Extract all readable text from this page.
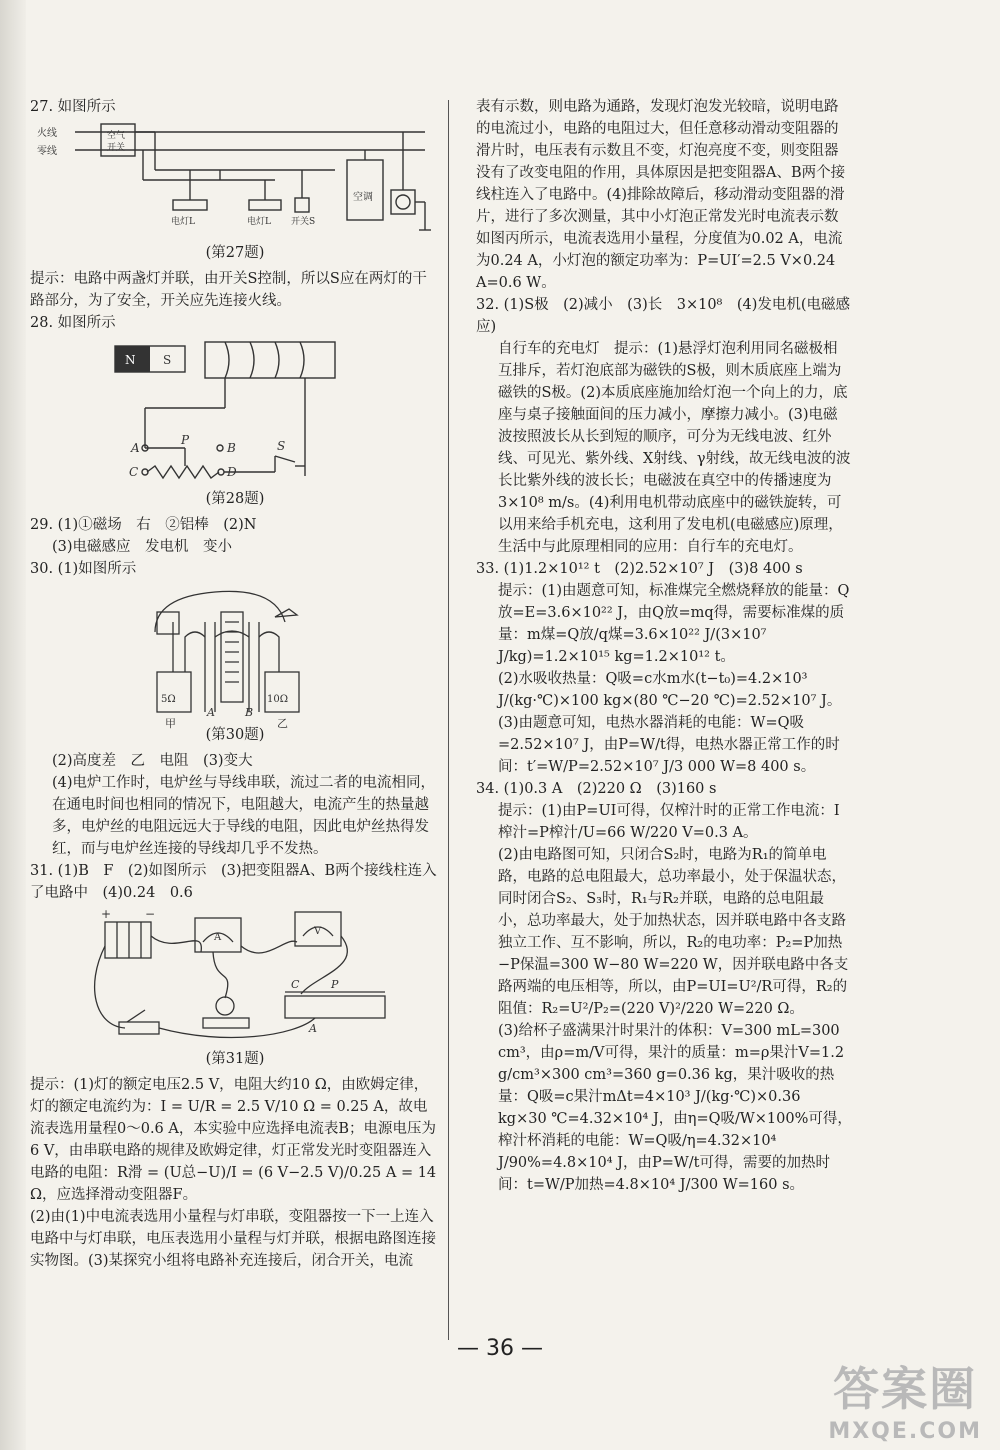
27. 如图所示

火线
零线
空气
开关
电灯L	电灯L 开关S
空调

(第27题)

提示：电路中两盏灯并联，由开关S控制，所以S应在两灯的干路部分，为了安全，开关应先连接火线。

28. 如图所示

N S
A
P
B
C	D
S

(第28题)

29. (1)①磁场　右　②铝棒　(2)N

(3)电磁感应　发电机　变小

30. (1)如图所示

5Ω	10Ω
A	B
甲	乙

(第30题)

(2)高度差　乙　电阻　(3)变大

(4)电炉工作时，电炉丝与导线串联，流过二者的电流相同，在通电时间也相同的情况下，电阻越大，电流产生的热量越多，电炉丝的电阻远远大于导线的电阻，因此电炉丝热得发红，而与电炉丝连接的导线却几乎不发热。

31. (1)B　F　(2)如图所示　(3)把变阻器A、B两个接线柱连入了电路中　(4)0.24　0.6

+	−
A
V
C	P
A

(第31题)

提示：(1)灯的额定电压2.5 V，电阻大约10 Ω，由欧姆定律，灯的额定电流约为：I = U/R = 2.5 V/10 Ω = 0.25 A，故电流表选用量程0～0.6 A，本实验中应选择电流表B；电源电压为6 V，由串联电路的规律及欧姆定律，灯正常发光时变阻器连入电路的电阻：R滑 = (U总−U)/I = (6 V−2.5 V)/0.25 A = 14 Ω，应选择滑动变阻器F。

(2)由(1)中电流表选用小量程与灯串联，变阻器按一下一上连入电路中与灯串联，电压表选用小量程与灯并联，根据电路图连接实物图。(3)某探究小组将电路补充连接后，闭合开关，电流

表有示数，则电路为通路，发现灯泡发光较暗，说明电路的电流过小，电路的电阻过大，但任意移动滑动变阻器的滑片时，电压表有示数且不变，灯泡亮度不变，则变阻器没有了改变电阻的作用，具体原因是把变阻器A、B两个接线柱连入了电路中。(4)排除故障后，移动滑动变阻器的滑片，进行了多次测量，其中小灯泡正常发光时电流表示数如图丙所示，电流表选用小量程，分度值为0.02 A，电流为0.24 A，小灯泡的额定功率为：P=UI′=2.5 V×0.24 A=0.6 W。

32. (1)S极　(2)减小　(3)长　3×10⁸　(4)发电机(电磁感应)

自行车的充电灯　提示：(1)悬浮灯泡利用同名磁极相互排斥，若灯泡底部为磁铁的S极，则木质底座上端为磁铁的S极。(2)本质底座施加给灯泡一个向上的力，底座与桌子接触面间的压力减小，摩擦力减小。(3)电磁波按照波长从长到短的顺序，可分为无线电波、红外线、可见光、紫外线、X射线、γ射线，故无线电波的波长比紫外线的波长长；电磁波在真空中的传播速度为3×10⁸ m/s。(4)利用电机带动底座中的磁铁旋转，可以用来给手机充电，这利用了发电机(电磁感应)原理，生活中与此原理相同的应用：自行车的充电灯。

33. (1)1.2×10¹² t　(2)2.52×10⁷ J　(3)8 400 s

提示：(1)由题意可知，标准煤完全燃烧释放的能量：Q放=E=3.6×10²² J，由Q放=mq得，需要标准煤的质量：m煤=Q放/q煤=3.6×10²² J/(3×10⁷ J/kg)=1.2×10¹⁵ kg=1.2×10¹² t。

(2)水吸收热量：Q吸=c水m水(t−t₀)=4.2×10³ J/(kg·℃)×100 kg×(80 ℃−20 ℃)=2.52×10⁷ J。

(3)由题意可知，电热水器消耗的电能：W=Q吸=2.52×10⁷ J，由P=W/t得，电热水器正常工作的时间：t′=W/P=2.52×10⁷ J/3 000 W=8 400 s。

34. (1)0.3 A　(2)220 Ω　(3)160 s

提示：(1)由P=UI可得，仅榨汁时的正常工作电流：I榨汁=P榨汁/U=66 W/220 V=0.3 A。

(2)由电路图可知，只闭合S₂时，电路为R₁的简单电路，电路的总电阻最大，总功率最小，处于保温状态，同时闭合S₂、S₃时，R₁与R₂并联，电路的总电阻最小，总功率最大，处于加热状态，因并联电路中各支路独立工作、互不影响，所以，R₂的电功率：P₂=P加热−P保温=300 W−80 W=220 W，因并联电路中各支路两端的电压相等，所以，由P=UI=U²/R可得，R₂的阻值：R₂=U²/P₂=(220 V)²/220 W=220 Ω。

(3)给杯子盛满果汁时果汁的体积：V=300 mL=300 cm³，由ρ=m/V可得，果汁的质量：m=ρ果汁V=1.2 g/cm³×300 cm³=360 g=0.36 kg，果汁吸收的热量：Q吸=c果汁mΔt=4×10³ J/(kg·℃)×0.36 kg×30 ℃=4.32×10⁴ J，由η=Q吸/W×100%可得，榨汁杯消耗的电能：W=Q吸/η=4.32×10⁴ J/90%=4.8×10⁴ J，由P=W/t可得，需要的加热时间：t=W/P加热=4.8×10⁴ J/300 W=160 s。

— 36 —
答案圈
MXQE.COM
